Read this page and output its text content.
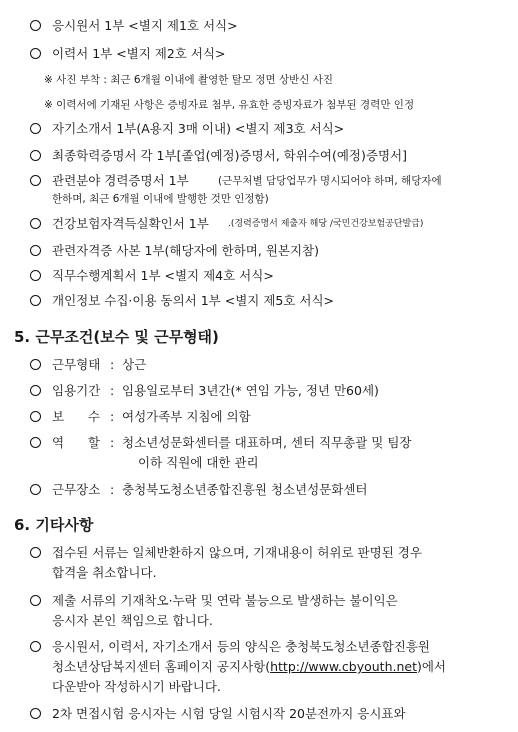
응시원서 1부 <별지 제1호 서식>
이력서 1부 <별지 제2호 서식>
※ 사진 부착 : 최근 6개월 이내에 촬영한 탈모 정면 상반신 사진
※ 이력서에 기재된 사항은 증빙자료 첨부, 유효한 증빙자료가 첨부된 경력만 인정
자기소개서 1부(A용지 3매 이내) <별지 제3호 서식>
최종학력증명서 각 1부[졸업(예정)증명서, 학위수여(예정)증명서]
관련분야 경력증명서 1부	(근무처별 담당업무가 명시되어야 하며, 해당자에
한하며, 최근 6개월 이내에 발행한 것만 인정함)
건강보험자격득실확인서 1부 .(경력증명서 제출자 해당 /국민건강보험공단발급)
관련자격증 사본 1부(해당자에 한하며, 원본지참)
직무수행계획서 1부 <별지 제4호 서식>
개인정보 수집·이용 동의서 1부 <별지 제5호 서식>
5. 근무조건(보수 및 근무형태)
근무형태 : 상근
임용기간 : 임용일로부터 3년간(* 연임 가능, 정년 만60세)
보      수 : 여성가족부 지침에 의함
역      할 : 청소년성문화센터를 대표하며, 센터 직무총괄 및 팀장
이하 직원에 대한 관리
근무장소 : 충청북도청소년종합진흥원 청소년성문화센터
6. 기타사항
접수된 서류는 일체반환하지 않으며, 기재내용이 허위로 판명된 경우
합격을 취소합니다.
제출 서류의 기재착오·누락 및 연락 불능으로 발생하는 불이익은
응시자 본인 책임으로 합니다.
응시원서, 이력서, 자기소개서 등의 양식은 충청북도청소년종합진흥원
청소년상담복지센터 홈페이지 공지사항(http://www.cbyouth.net)에서
다운받아 작성하시기 바랍니다.
2차 면접시험 응시자는 시험 당일 시험시작 20분전까지 응시표와
